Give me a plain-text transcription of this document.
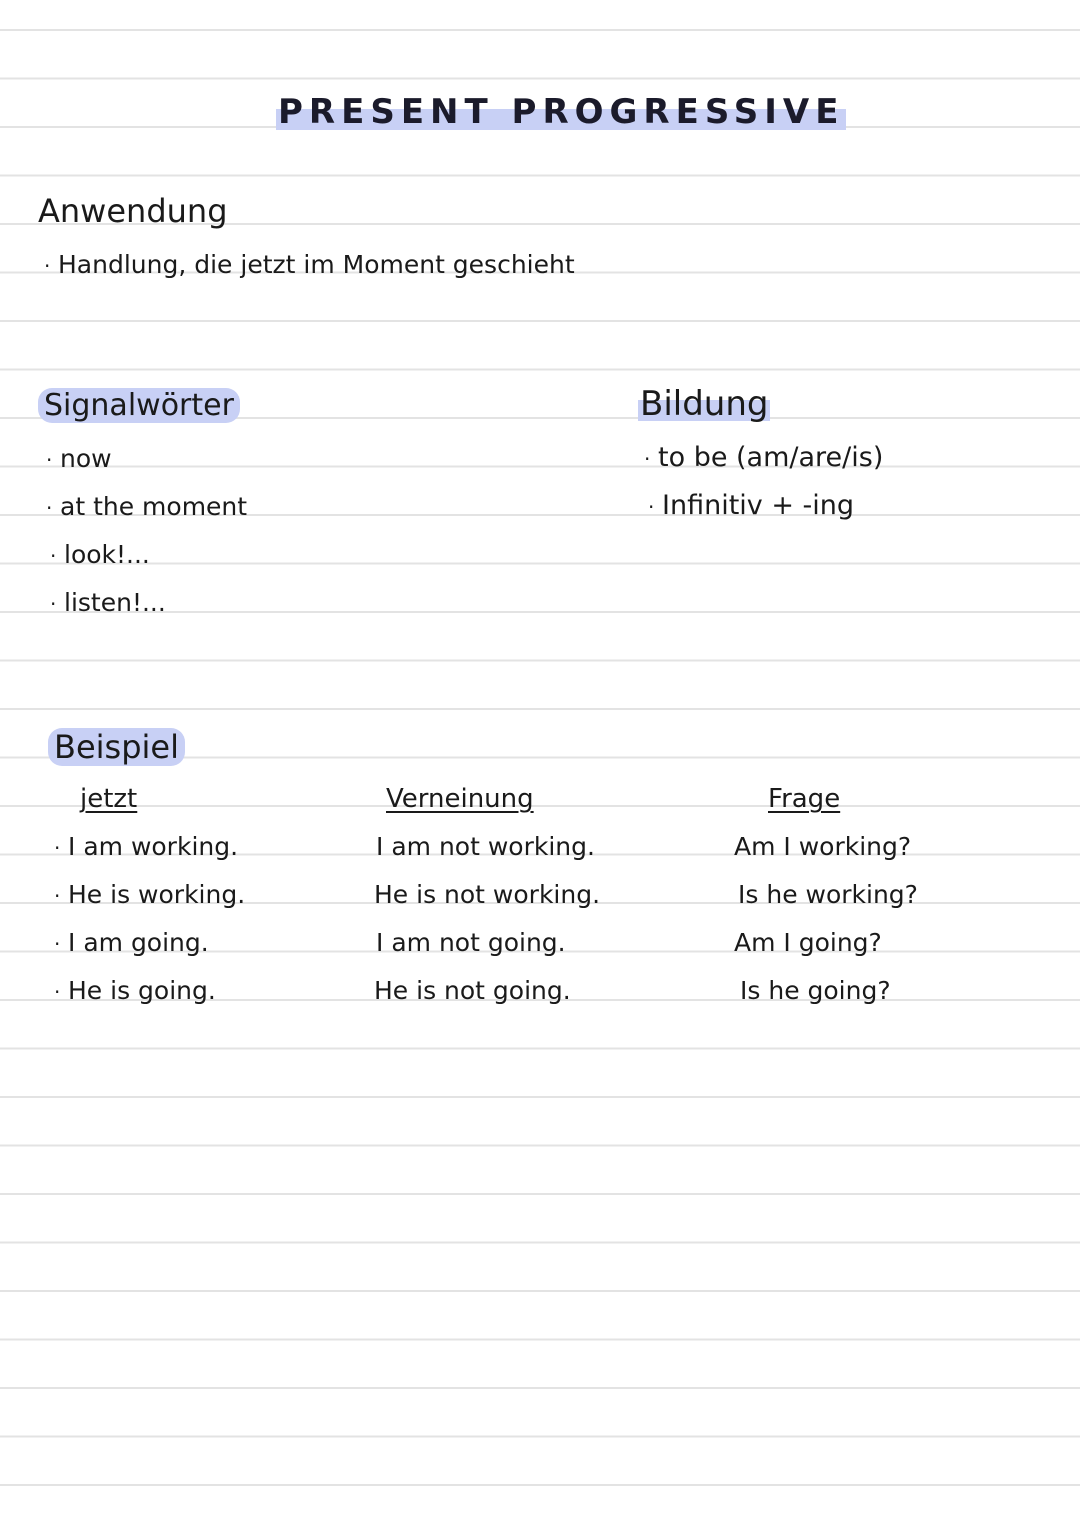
PRESENT PROGRESSIVE
Anwendung
· Handlung, die jetzt im Moment geschieht
Signalwörter
· now
· at the moment
· look!...
· listen!...
Bildung
· to be (am/are/is)
· Infinitiv + -ing
Beispiel
jetzt	Verneinung	Frage
· I am working.
· He is working.
· I am going.
· He is going.
I am not working.
He is not working.
I am not going.
He is not going.
Am I working?
Is he working?
Am I going?
Is he going?
